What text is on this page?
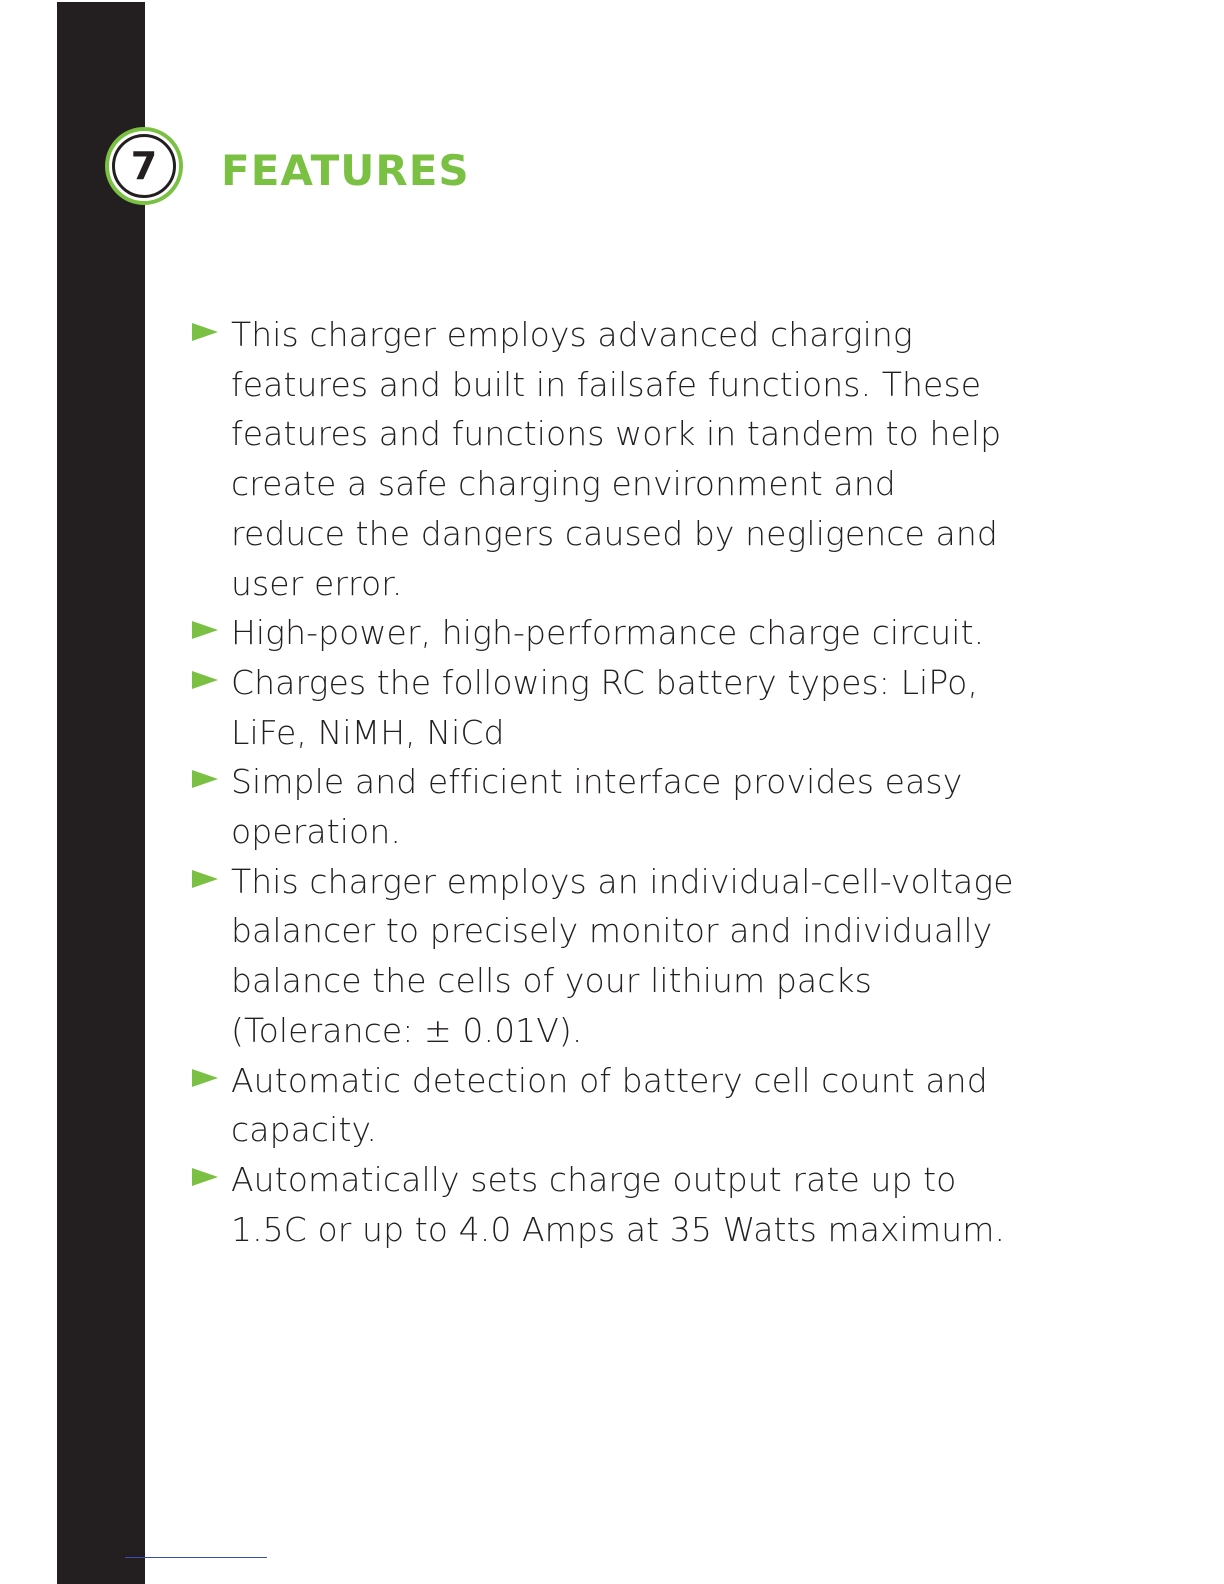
7	FEATURES
This charger employs advanced charging features and built in failsafe functions. These features and functions work in tandem to help create a safe charging environment and reduce the dangers caused by negligence and user error.
High-power, high-performance charge circuit.
Charges the following RC battery types: LiPo, LiFe, NiMH, NiCd
Simple and efficient interface provides easy operation.
This charger employs an individual-cell-voltage balancer to precisely monitor and individually balance the cells of your lithium packs (Tolerance: ± 0.01V).
Automatic detection of battery cell count and capacity.
Automatically sets charge output rate up to 1.5C or up to 4.0 Amps at 35 Watts maximum.
